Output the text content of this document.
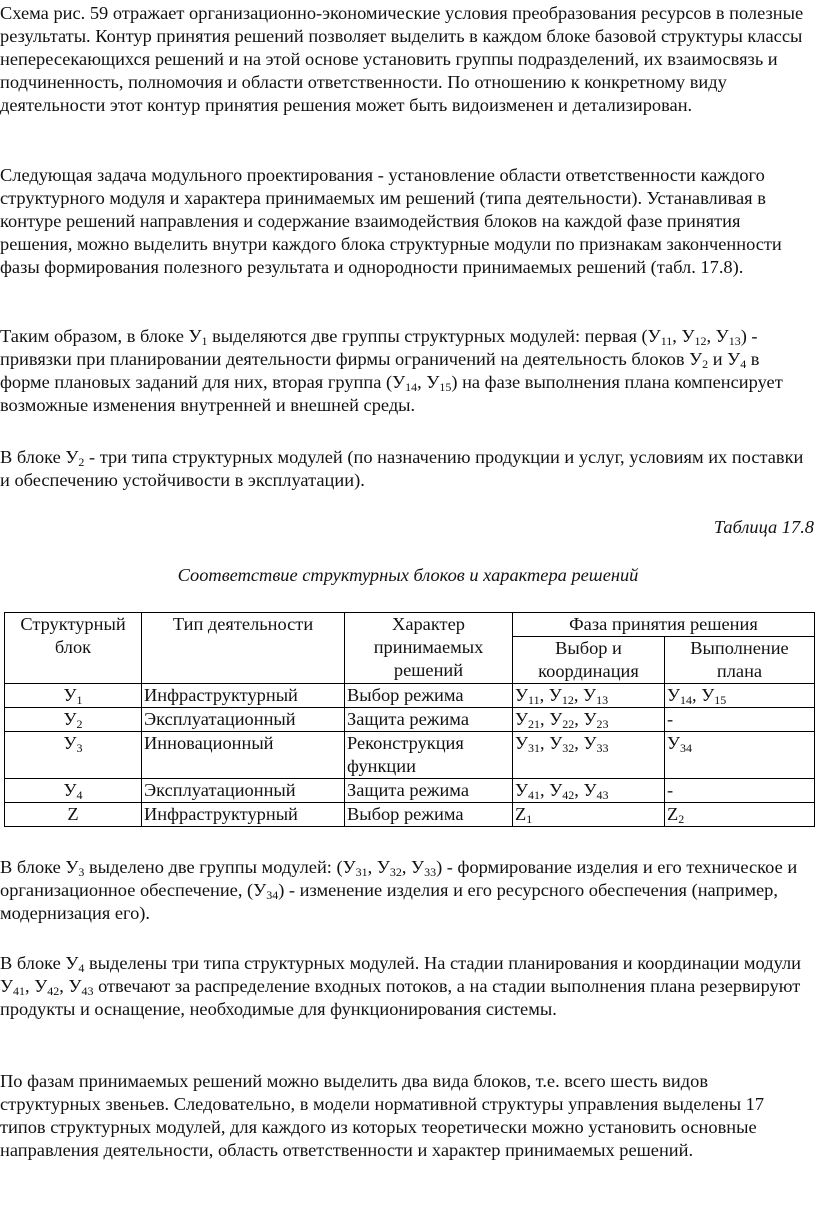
Схема рис. 59 отражает организационно-экономические условия преобразования ресурсов в полезные результаты. Контур принятия решений позволяет выделить в каждом блоке базовой структуры классы непересекающихся решений и на этой основе установить группы подразделений, их взаимосвязь и подчиненность, полномочия и области ответственности. По отношению к конкретному виду деятельности этот контур принятия решения может быть видоизменен и детализирован.

Следующая задача модульного проектирования - установление области ответственности каждого структурного модуля и характера принимаемых им решений (типа деятельности). Устанавливая в контуре решений направления и содержание взаимодействия блоков на каждой фазе принятия решения, можно выделить внутри каждого блока структурные модули по признакам законченности фазы формирования полезного результата и однородности принимаемых решений (табл. 17.8).

Таким образом, в блоке $У_1$ выделяются две группы структурных модулей: первая ($У_{11}$, $У_{12}$, $У_{13}$) - привязки при планировании деятельности фирмы ограничений на деятельность блоков $У_2$ и $У_4$ в форме плановых заданий для них, вторая группа ($У_{14}$, $У_{15}$) на фазе выполнения плана компенсирует возможные изменения внутренней и внешней среды.

В блоке $У_2$ - три типа структурных модулей (по назначению продукции и услуг, условиям их поставки и обеспечению устойчивости в эксплуатации).

Таблица 17.8

Соответствие структурных блоков и характера решений

Структурный блок	Тип деятельности	Характер принимаемых решений	Фаза принятия решения	
			Выбор и координация	Выполнение плана
$У_1$	Инфраструктурный	Выбор режима	$У_{11}$, $У_{12}$, $У_{13}$	$У_{14}$, $У_{15}$
$У_2$	Эксплуатационный	Защита режима	$У_{21}$, $У_{22}$, $У_{23}$	-
$У_3$	Инновационный	Реконструкция функции	$У_{31}$, $У_{32}$, $У_{33}$	$У_{34}$
$У_4$	Эксплуатационный	Защита режима	$У_{41}$, $У_{42}$, $У_{43}$	-
Z	Инфраструктурный	Выбор режима	$Z_1$	$Z_2$

В блоке $У_3$ выделено две группы модулей: ($У_{31}$, $У_{32}$, $У_{33}$) - формирование изделия и его техническое и организационное обеспечение, $(У_{34})$ - изменение изделия и его ресурсного обеспечения (например, модернизация его).

В блоке $У_4$ выделены три типа структурных модулей. На стадии планирования и координации модули $У_{41}$, $У_{42}$, $У_{43}$ отвечают за распределение входных потоков, а на стадии выполнения плана резервируют продукты и оснащение, необходимые для функционирования системы.

По фазам принимаемых решений можно выделить два вида блоков, т.е. всего шесть видов структурных звеньев. Следовательно, в модели нормативной структуры управления выделены 17 типов структурных модулей, для каждого из которых теоретически можно установить основные направления деятельности, область ответственности и характер принимаемых решений.
